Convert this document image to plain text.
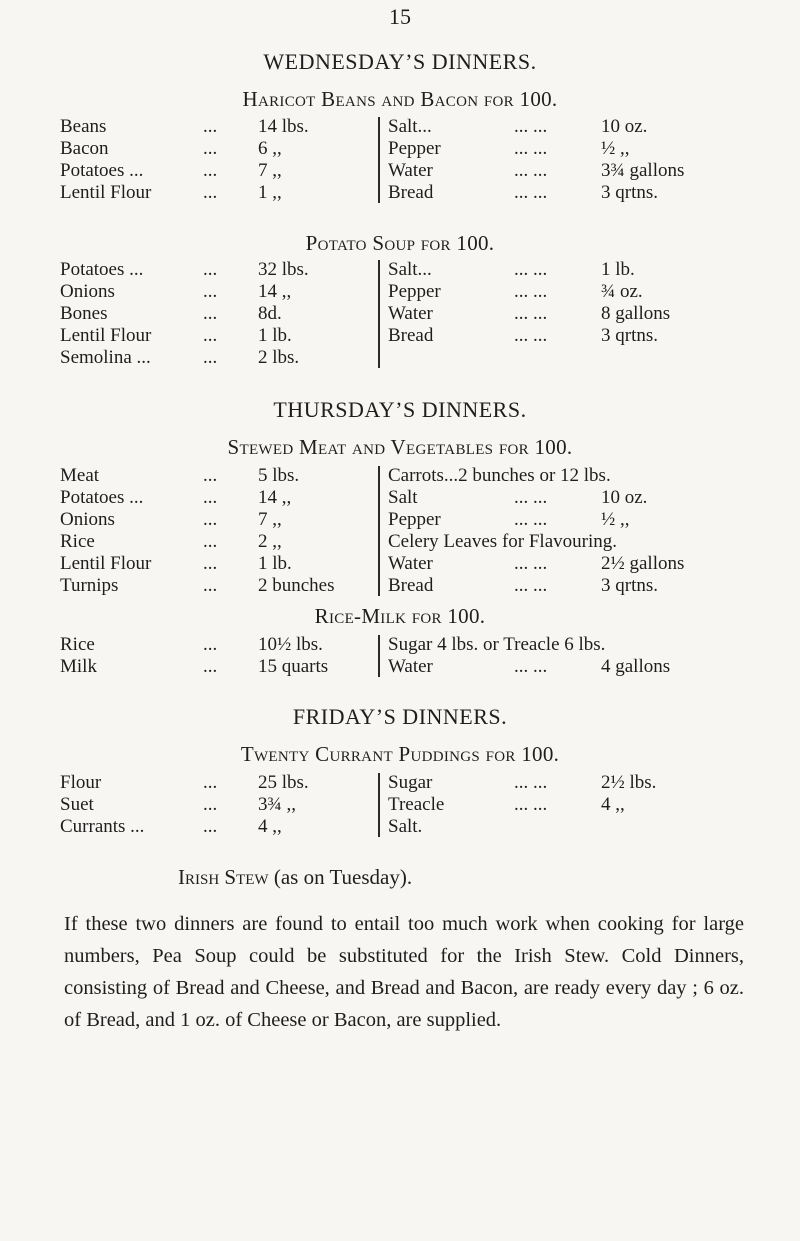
15
WEDNESDAY’S DINNERS.
Haricot Beans and Bacon for 100.
Beans	... 14 lbs.	Salt...	... ...	10 oz.
Bacon	... 6 ,,	Pepper	... ...	½ ,,
Potatoes ...	... 7 ,,	Water	... ...	3¾ gallons
Lentil Flour	... 1 ,,	Bread	... ...	3 qrtns.
Potato Soup for 100.
Potatoes ...	... 32 lbs.	Salt...	... ...	1 lb.
Onions	... 14 ,,	Pepper	... ...	¾ oz.
Bones	... 8d.	Water	... ...	8 gallons
Lentil Flour	... 1 lb.	Bread	... ...	3 qrtns.
Semolina ...	... 2 lbs.
THURSDAY’S DINNERS.
Stewed Meat and Vegetables for 100.
Meat	... 5 lbs.	Carrots...2 bunches or 12 lbs.
Potatoes ...	... 14 ,,	Salt	... ...	10 oz.
Onions	... 7 ,,	Pepper	... ...	½ ,,
Rice	... 2 ,,	Celery Leaves for Flavouring.
Lentil Flour	... 1 lb.	Water	... ...	2½ gallons
Turnips	... 2 bunches	Bread	... ...	3 qrtns.
Rice-Milk for 100.
Rice	... 10½ lbs.	Sugar 4 lbs. or Treacle 6 lbs.
Milk	... 15 quarts	Water	... ...	4 gallons
FRIDAY’S DINNERS.
Twenty Currant Puddings for 100.
Flour	... 25 lbs.	Sugar	... ...	2½ lbs.
Suet	... 3¾ ,,	Treacle	... ...	4 ,,
Currants ...	... 4 ,,	Salt.
Irish Stew (as on Tuesday).
If these two dinners are found to entail too much work when cooking for large numbers, Pea Soup could be substituted for the Irish Stew. Cold Dinners, consisting of Bread and Cheese, and Bread and Bacon, are ready every day ; 6 oz. of Bread, and 1 oz. of Cheese or Bacon, are supplied.
